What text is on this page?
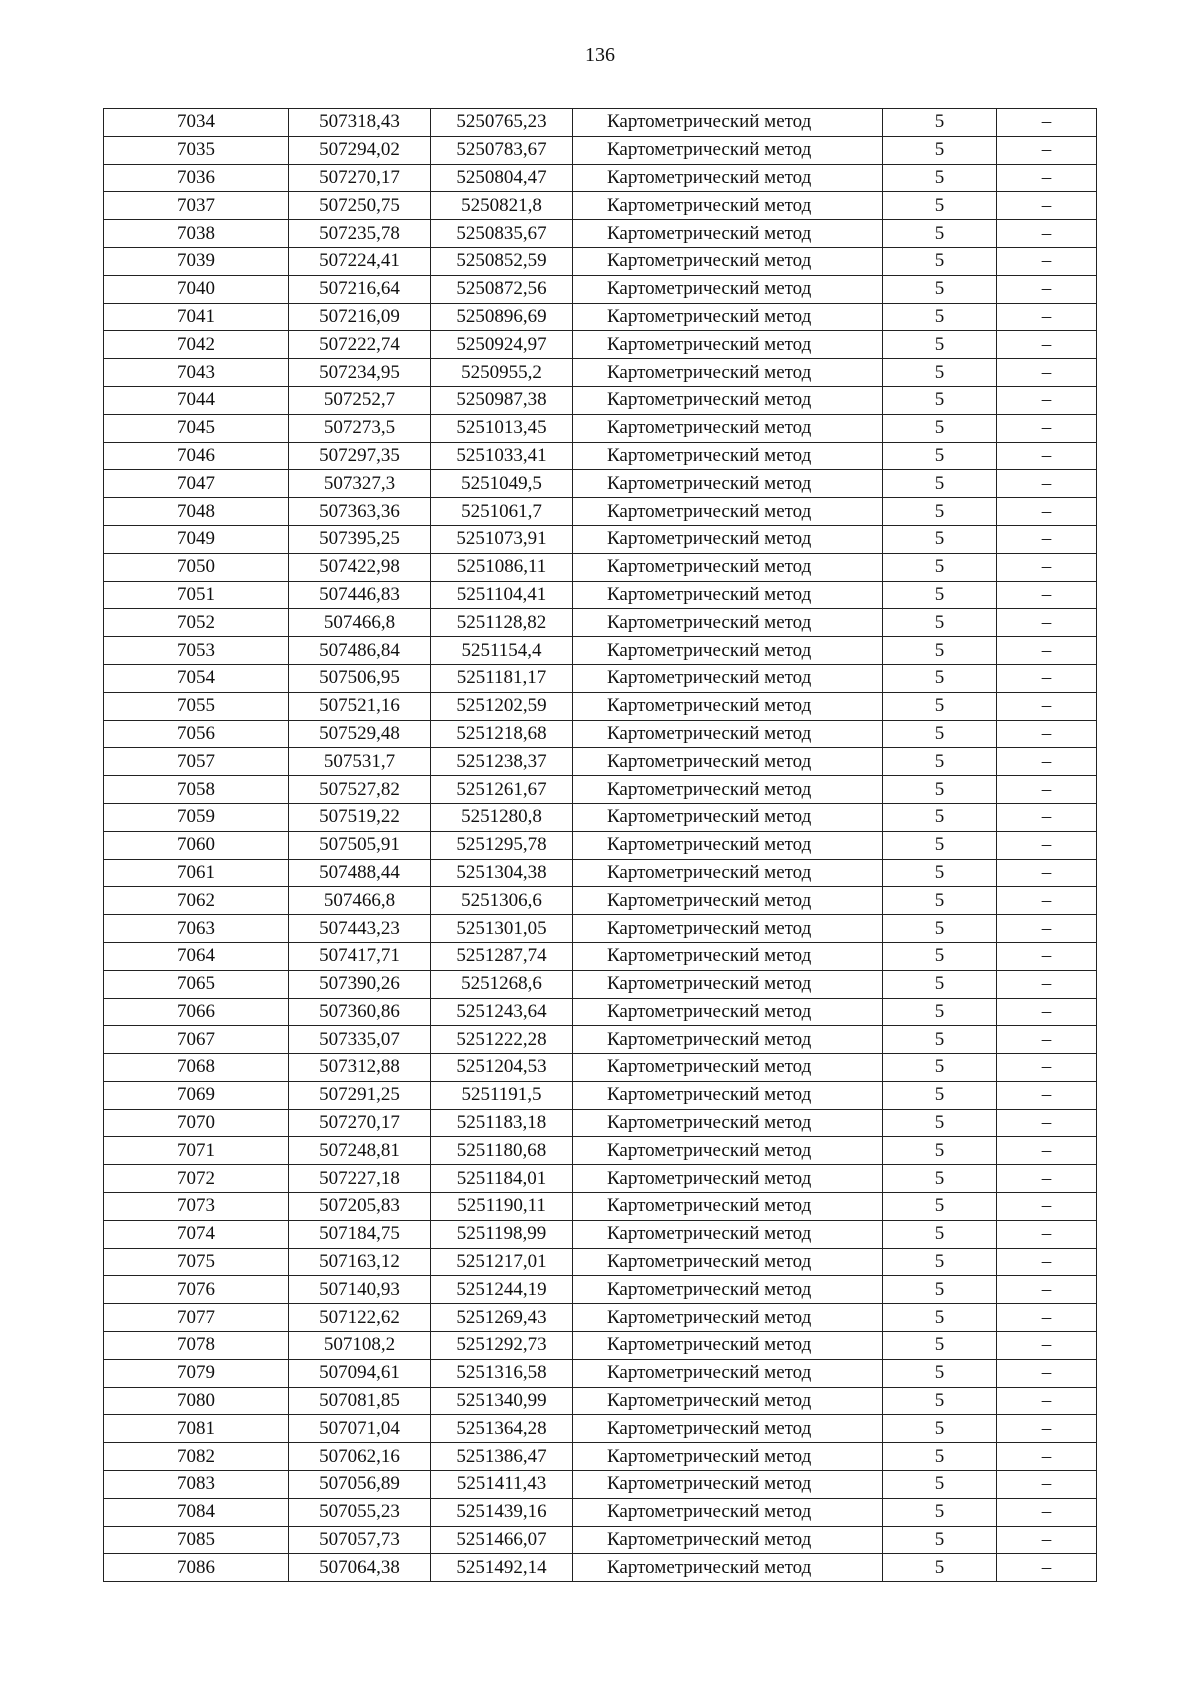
136
7034	507318,43	5250765,23	Картометрический метод	5	–
7035	507294,02	5250783,67	Картометрический метод	5	–
7036	507270,17	5250804,47	Картометрический метод	5	–
7037	507250,75	5250821,8	Картометрический метод	5	–
7038	507235,78	5250835,67	Картометрический метод	5	–
7039	507224,41	5250852,59	Картометрический метод	5	–
7040	507216,64	5250872,56	Картометрический метод	5	–
7041	507216,09	5250896,69	Картометрический метод	5	–
7042	507222,74	5250924,97	Картометрический метод	5	–
7043	507234,95	5250955,2	Картометрический метод	5	–
7044	507252,7	5250987,38	Картометрический метод	5	–
7045	507273,5	5251013,45	Картометрический метод	5	–
7046	507297,35	5251033,41	Картометрический метод	5	–
7047	507327,3	5251049,5	Картометрический метод	5	–
7048	507363,36	5251061,7	Картометрический метод	5	–
7049	507395,25	5251073,91	Картометрический метод	5	–
7050	507422,98	5251086,11	Картометрический метод	5	–
7051	507446,83	5251104,41	Картометрический метод	5	–
7052	507466,8	5251128,82	Картометрический метод	5	–
7053	507486,84	5251154,4	Картометрический метод	5	–
7054	507506,95	5251181,17	Картометрический метод	5	–
7055	507521,16	5251202,59	Картометрический метод	5	–
7056	507529,48	5251218,68	Картометрический метод	5	–
7057	507531,7	5251238,37	Картометрический метод	5	–
7058	507527,82	5251261,67	Картометрический метод	5	–
7059	507519,22	5251280,8	Картометрический метод	5	–
7060	507505,91	5251295,78	Картометрический метод	5	–
7061	507488,44	5251304,38	Картометрический метод	5	–
7062	507466,8	5251306,6	Картометрический метод	5	–
7063	507443,23	5251301,05	Картометрический метод	5	–
7064	507417,71	5251287,74	Картометрический метод	5	–
7065	507390,26	5251268,6	Картометрический метод	5	–
7066	507360,86	5251243,64	Картометрический метод	5	–
7067	507335,07	5251222,28	Картометрический метод	5	–
7068	507312,88	5251204,53	Картометрический метод	5	–
7069	507291,25	5251191,5	Картометрический метод	5	–
7070	507270,17	5251183,18	Картометрический метод	5	–
7071	507248,81	5251180,68	Картометрический метод	5	–
7072	507227,18	5251184,01	Картометрический метод	5	–
7073	507205,83	5251190,11	Картометрический метод	5	–
7074	507184,75	5251198,99	Картометрический метод	5	–
7075	507163,12	5251217,01	Картометрический метод	5	–
7076	507140,93	5251244,19	Картометрический метод	5	–
7077	507122,62	5251269,43	Картометрический метод	5	–
7078	507108,2	5251292,73	Картометрический метод	5	–
7079	507094,61	5251316,58	Картометрический метод	5	–
7080	507081,85	5251340,99	Картометрический метод	5	–
7081	507071,04	5251364,28	Картометрический метод	5	–
7082	507062,16	5251386,47	Картометрический метод	5	–
7083	507056,89	5251411,43	Картометрический метод	5	–
7084	507055,23	5251439,16	Картометрический метод	5	–
7085	507057,73	5251466,07	Картометрический метод	5	–
7086	507064,38	5251492,14	Картометрический метод	5	–
